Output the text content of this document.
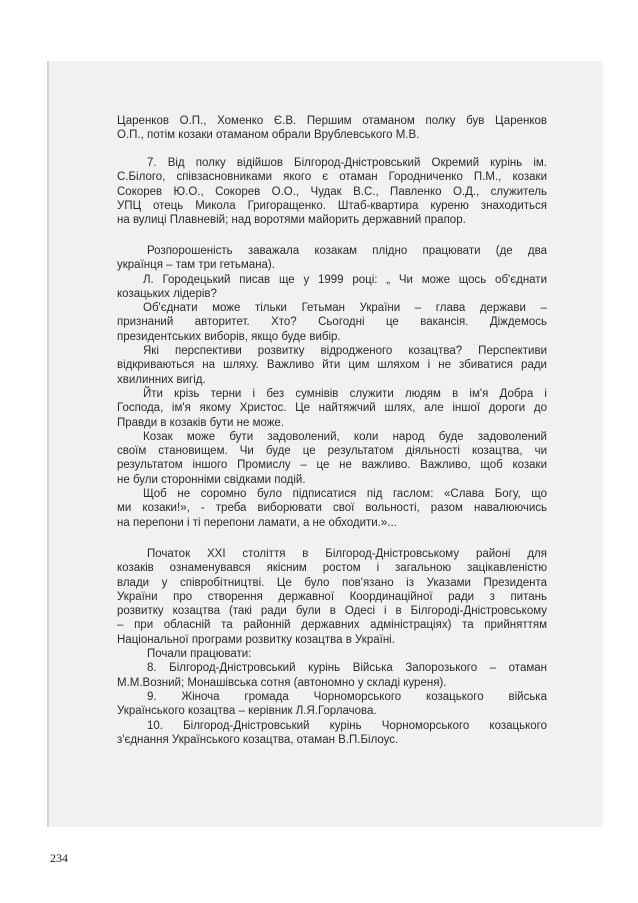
Царенков О.П., Хоменко Є.В. Першим отаманом полку був Царенков

О.П., потім козаки отаманом обрали Врублевського М.В.

7. Від полку відійшов Білгород-Дністровський Окремий курінь ім.

С.Білого, співзасновниками якого є отаман Городниченко П.М., козаки

Сокорев Ю.О., Сокорев О.О., Чудак В.С., Павленко О.Д., служитель

УПЦ отець Микола Григоращенко. Штаб-квартира куреню знаходиться

на вулиці Плавневій; над воротями майорить державний прапор.

Розпорошеність заважала козакам плідно працювати (де два

українця – там три гетьмана).

Л. Городецький писав ще у 1999 році: „ Чи може щось об'єднати

козацьких лідерів?

Об'єднати може тільки Гетьман України – глава держави –

признаний авторитет. Хто? Сьогодні це вакансія. Діждемось

президентських виборів, якщо буде вибір.

Які перспективи розвитку відродженого козацтва? Перспективи

відкриваються на шляху. Важливо йти цим шляхом і не збиватися ради

хвилинних вигід.

Йти крізь терни і без сумнівів служити людям в ім'я Добра і

Господа, ім'я якому Христос. Це найтяжчий шлях, але іншої дороги до

Правди в козаків бути не може.

Козак може бути задоволений, коли народ буде задоволений

своїм становищем. Чи буде це результатом діяльності козацтва, чи

результатом іншого Промислу – це не важливо. Важливо, щоб козаки

не були сторонніми свідками подій.

Щоб не соромно було підписатися під гаслом: «Слава Богу, що

ми козаки!», - треба виборювати свої вольності, разом навалюючись

на перепони і ті перепони ламати, а не обходити.»...

Початок XXI століття в Білгород-Дністровському районі для

козаків ознаменувався якісним ростом і загальною зацікавленістю

влади у співробітництві. Це було пов'язано із Указами Президента

України про створення державної Координаційної ради з питань

розвитку козацтва (такі ради були в Одесі і в Білгороді-Дністровському

– при обласній та районній державних адміністраціях) та прийняттям

Національної програми розвитку козацтва в Україні.

Почали працювати:

8. Білгород-Дністровський курінь Війська Запорозького – отаман

М.М.Возний; Монашівська сотня (автономно у складі куреня).

9. Жіноча громада Чорноморського козацького війська

Українського козацтва – керівник Л.Я.Горлачова.

10. Білгород-Дністровський курінь Чорноморського козацького

з'єднання Українського козацтва, отаман В.П.Білоус.

234
